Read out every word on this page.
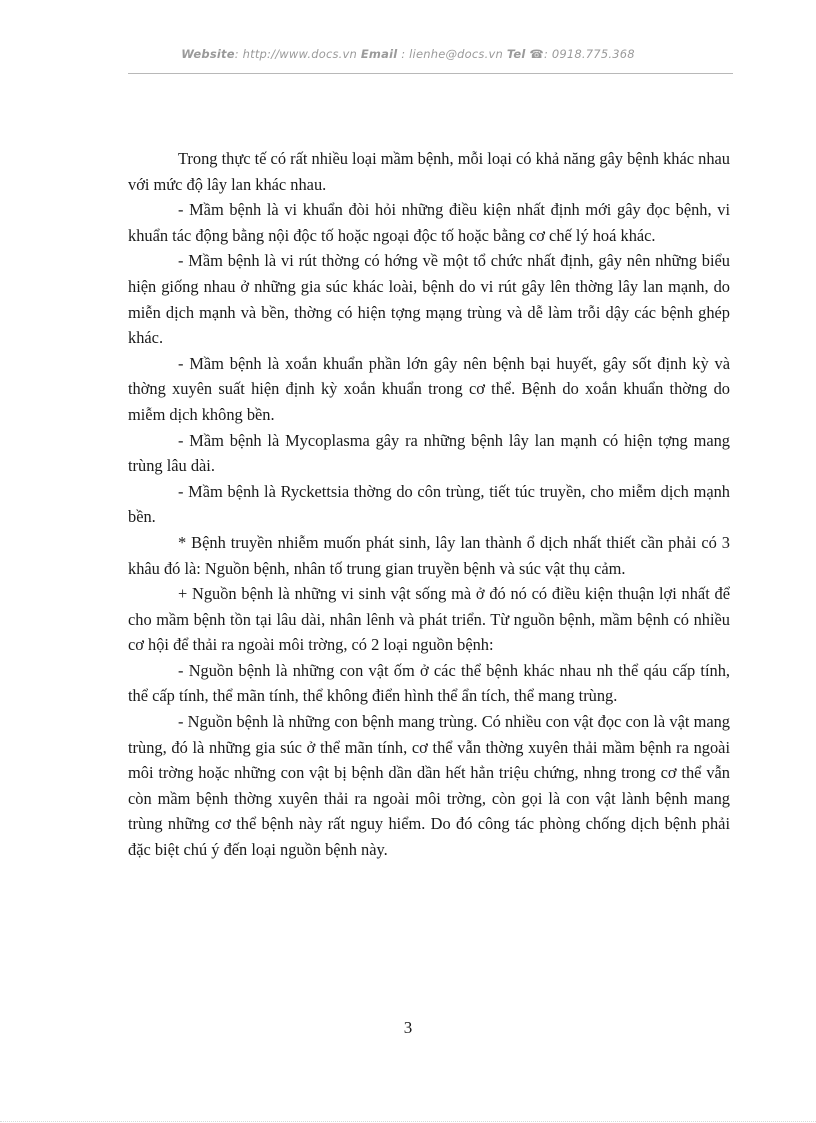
Website: http://www.docs.vn Email : lienhe@docs.vn Tel ☎: 0918.775.368

Trong thực tế có rất nhiều loại mầm bệnh, mỗi loại có khả năng gây bệnh khác nhau với mức độ lây lan khác nhau.

- Mầm bệnh là vi khuẩn đòi hỏi những điều kiện nhất định mới gây đọc bệnh, vi khuẩn tác động bằng nội độc tố hoặc ngoại độc tố hoặc bằng cơ chế lý hoá khác.

- Mầm bệnh là vi rút thờng có hớng về một tổ chức nhất định, gây nên những biểu hiện giống nhau ở những gia súc khác loài, bệnh do vi rút gây lên thờng lây lan mạnh, do miễn dịch mạnh và bền, thờng có hiện tợng mạng trùng và dễ làm trỗi dậy các bệnh ghép khác.

- Mầm bệnh là xoắn khuẩn phần lớn gây nên bệnh bại huyết, gây sốt định kỳ và thờng xuyên suất hiện định kỳ xoắn khuẩn trong cơ thể. Bệnh do xoắn khuẩn thờng do miễm dịch không bền.

- Mầm bệnh là Mycoplasma gây ra những bệnh lây lan mạnh có hiện tợng mang trùng lâu dài.

- Mầm bệnh là Ryckettsia thờng do côn trùng, tiết túc truyền, cho miễm dịch mạnh bền.

* Bệnh truyền nhiễm muốn phát sinh, lây lan thành ổ dịch nhất thiết cần phải có 3 khâu đó là: Nguồn bệnh, nhân tố trung gian truyền bệnh và súc vật thụ cảm.

+ Nguồn bệnh là những vi sinh vật sống mà ở đó nó có điều kiện thuận lợi nhất để cho mầm bệnh tồn tại lâu dài, nhân lênh và phát triển. Từ nguồn bệnh, mầm bệnh có nhiều cơ hội để thải ra ngoài môi trờng, có 2 loại nguồn bệnh:

- Nguồn bệnh là những con vật ốm ở các thể bệnh khác nhau nh thể qáu cấp tính, thể cấp tính, thể mãn tính, thể không điển hình thể ẩn tích, thể mang trùng.

- Nguồn bệnh là những con bệnh mang trùng. Có nhiều con vật đọc con là vật mang trùng, đó là những gia súc ở thể mãn tính, cơ thể vẫn thờng xuyên thải mầm bệnh ra ngoài môi trờng hoặc những con vật bị bệnh dần dần hết hẳn triệu chứng, nhng trong cơ thể vẫn còn mầm bệnh thờng xuyên thải ra ngoài môi trờng, còn gọi là con vật lành bệnh mang trùng những cơ thể bệnh này rất nguy hiểm. Do đó công tác phòng chống dịch bệnh phải đặc biệt chú ý đến loại nguồn bệnh này.

3
